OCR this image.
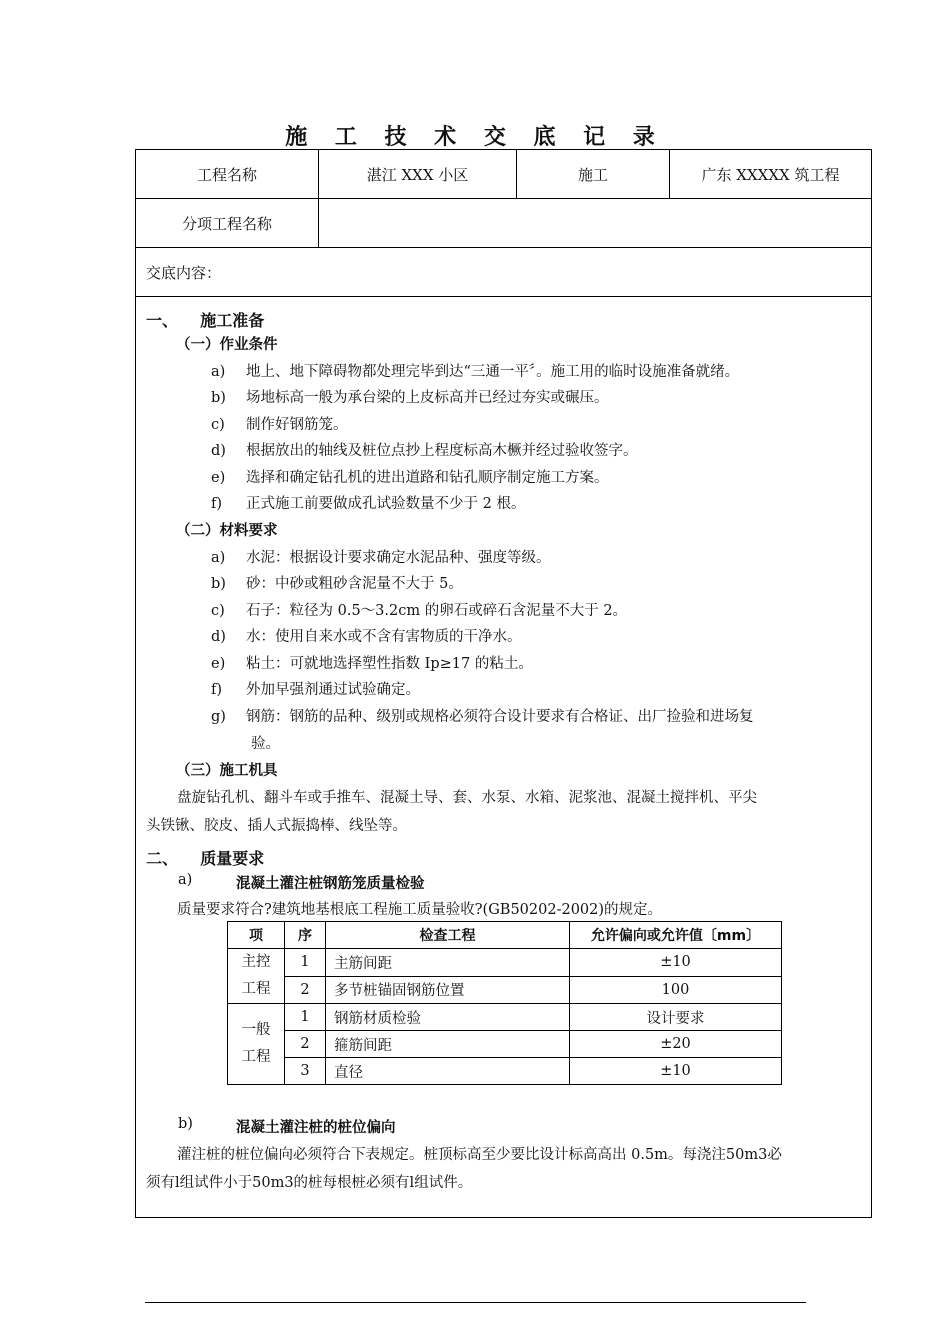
施 工 技 术 交 底 记 录
工程名称	湛江 XXX 小区	施工	广东 XXXXX 筑工程
分项工程名称
交底内容：
一、    施工准备
（一）作业条件
a) 地上、地下障碍物都处理完毕到达“三通一平〞。施工用的临时设施准备就绪。
b) 场地标高一般为承台梁的上皮标高并已经过夯实或碾压。
c) 制作好钢筋笼。
d) 根据放出的轴线及桩位点抄上程度标高木橛并经过验收签字。
e) 选择和确定钻孔机的进出道路和钻孔顺序制定施工方案。
f) 正式施工前要做成孔试验数量不少于 2 根。
（二）材料要求
a) 水泥：根据设计要求确定水泥品种、强度等级。
b) 砂：中砂或粗砂含泥量不大于 5。
c) 石子：粒径为 0.5～3.2cm 的卵石或碎石含泥量不大于 2。
d) 水：使用自来水或不含有害物质的干净水。
e) 粘土：可就地选择塑性指数 Ip≥17 的粘土。
f) 外加早强剂通过试验确定。
g) 钢筋：钢筋的品种、级别或规格必须符合设计要求有合格证、出厂捡验和进场复
验。
（三）施工机具
盘旋钻孔机、翻斗车或手推车、混凝土导、套、水泵、水箱、泥浆池、混凝土搅拌机、平尖
头铁锹、胶皮、插人式振捣棒、线坠等。
二、    质量要求
a)	混凝土灌注桩钢筋笼质量检验
质量要求符合?建筑地基根底工程施工质量验收?(GB50202-2002)的规定。
项	序	检查工程	允许偏向或允许值〔mm〕
主控工程	1	主筋间距	±10
	2	多节桩锚固钢筋位置	100
一般工程	1	钢筋材质检验	设计要求
	2	箍筋间距	±20
	3	直径	±10
b)	混凝土灌注桩的桩位偏向
灌注桩的桩位偏向必须符合下表规定。桩顶标高至少要比设计标高高出 0.5m。每浇注50m3必
须有l组试件小于50m3的桩每根桩必须有l组试件。
